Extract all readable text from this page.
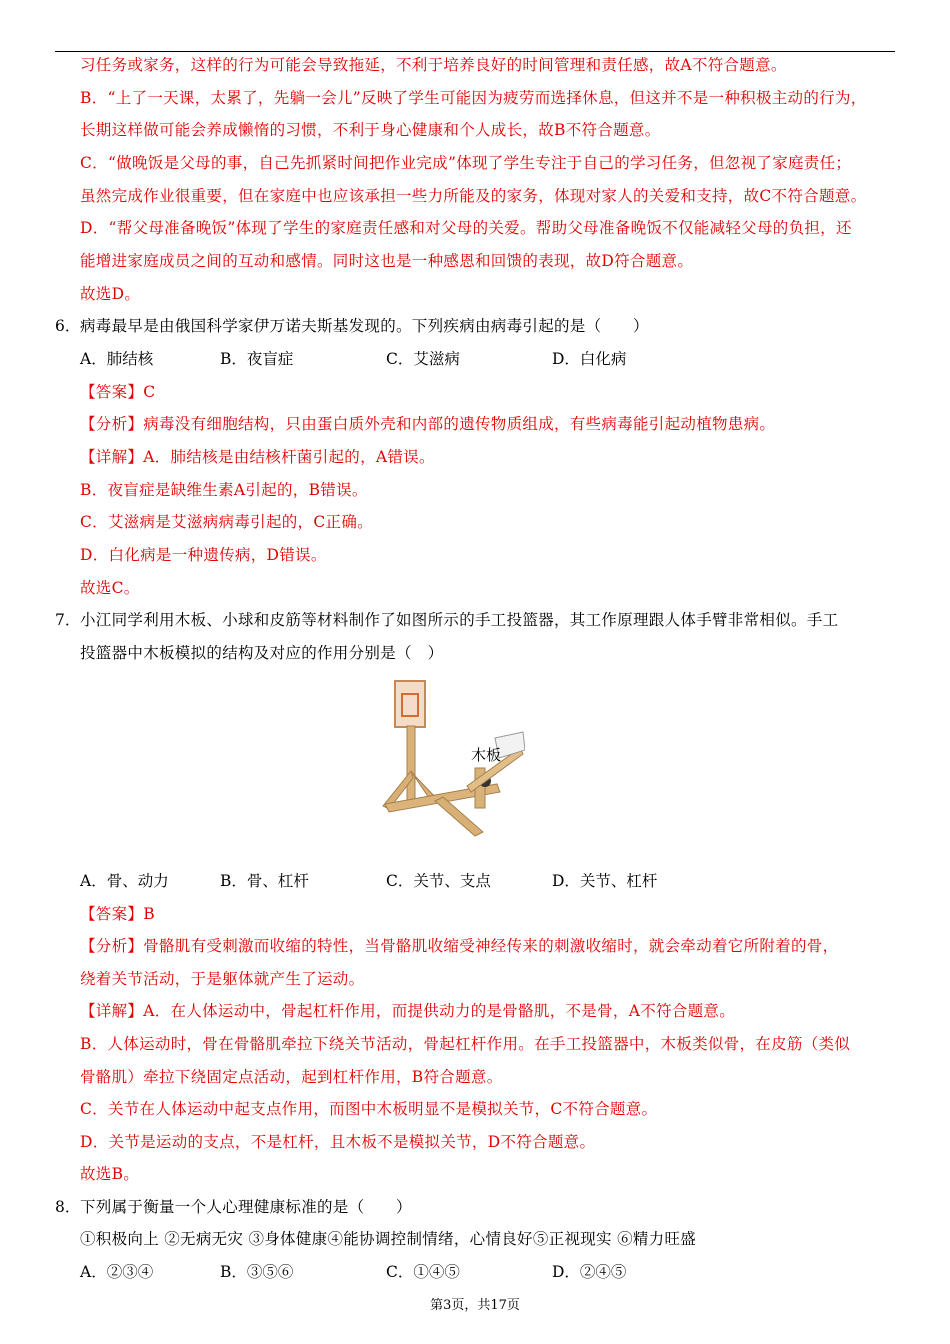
习任务或家务，这样的行为可能会导致拖延，不利于培养良好的时间管理和责任感，故A不符合题意。
B．“上了一天课，太累了，先躺一会儿”反映了学生可能因为疲劳而选择休息，但这并不是一种积极主动的行为，
长期这样做可能会养成懒惰的习惯，不利于身心健康和个人成长，故B不符合题意。
C．“做晚饭是父母的事，自己先抓紧时间把作业完成”体现了学生专注于自己的学习任务，但忽视了家庭责任；
虽然完成作业很重要，但在家庭中也应该承担一些力所能及的家务，体现对家人的关爱和支持，故C不符合题意。
D．“帮父母准备晚饭”体现了学生的家庭责任感和对父母的关爱。帮助父母准备晚饭不仅能减轻父母的负担，还
能增进家庭成员之间的互动和感情。同时这也是一种感恩和回馈的表现，故D符合题意。
故选D。
6． 病毒最早是由俄国科学家伊万诺夫斯基发现的。下列疾病由病毒引起的是（　　）
A．肺结核	B．夜盲症	C．艾滋病	D．白化病
【答案】C
【分析】病毒没有细胞结构，只由蛋白质外壳和内部的遗传物质组成，有些病毒能引起动植物患病。
【详解】A．肺结核是由结核杆菌引起的，A错误。
B．夜盲症是缺维生素A引起的，B错误。
C．艾滋病是艾滋病病毒引起的，C正确。
D．白化病是一种遗传病，D错误。
故选C。
7． 小江同学利用木板、小球和皮筋等材料制作了如图所示的手工投篮器，其工作原理跟人体手臂非常相似。手工
投篮器中木板模拟的结构及对应的作用分别是（　）
木板
A．骨、动力	B．骨、杠杆	C．关节、支点	D．关节、杠杆
【答案】B
【分析】骨骼肌有受刺激而收缩的特性，当骨骼肌收缩受神经传来的刺激收缩时，就会牵动着它所附着的骨，
绕着关节活动，于是躯体就产生了运动。
【详解】A．在人体运动中，骨起杠杆作用，而提供动力的是骨骼肌，不是骨，A不符合题意。
B．人体运动时，骨在骨骼肌牵拉下绕关节活动，骨起杠杆作用。在手工投篮器中，木板类似骨，在皮筋（类似
骨骼肌）牵拉下绕固定点活动，起到杠杆作用，B符合题意。
C．关节在人体运动中起支点作用，而图中木板明显不是模拟关节，C不符合题意。
D．关节是运动的支点，不是杠杆，且木板不是模拟关节，D不符合题意。
故选B。
8． 下列属于衡量一个人心理健康标准的是（　　）
①积极向上 ②无病无灾 ③身体健康④能协调控制情绪，心情良好⑤正视现实 ⑥精力旺盛
A．②③④	B．③⑤⑥	C．①④⑤	D．②④⑤
第3页，共17页
